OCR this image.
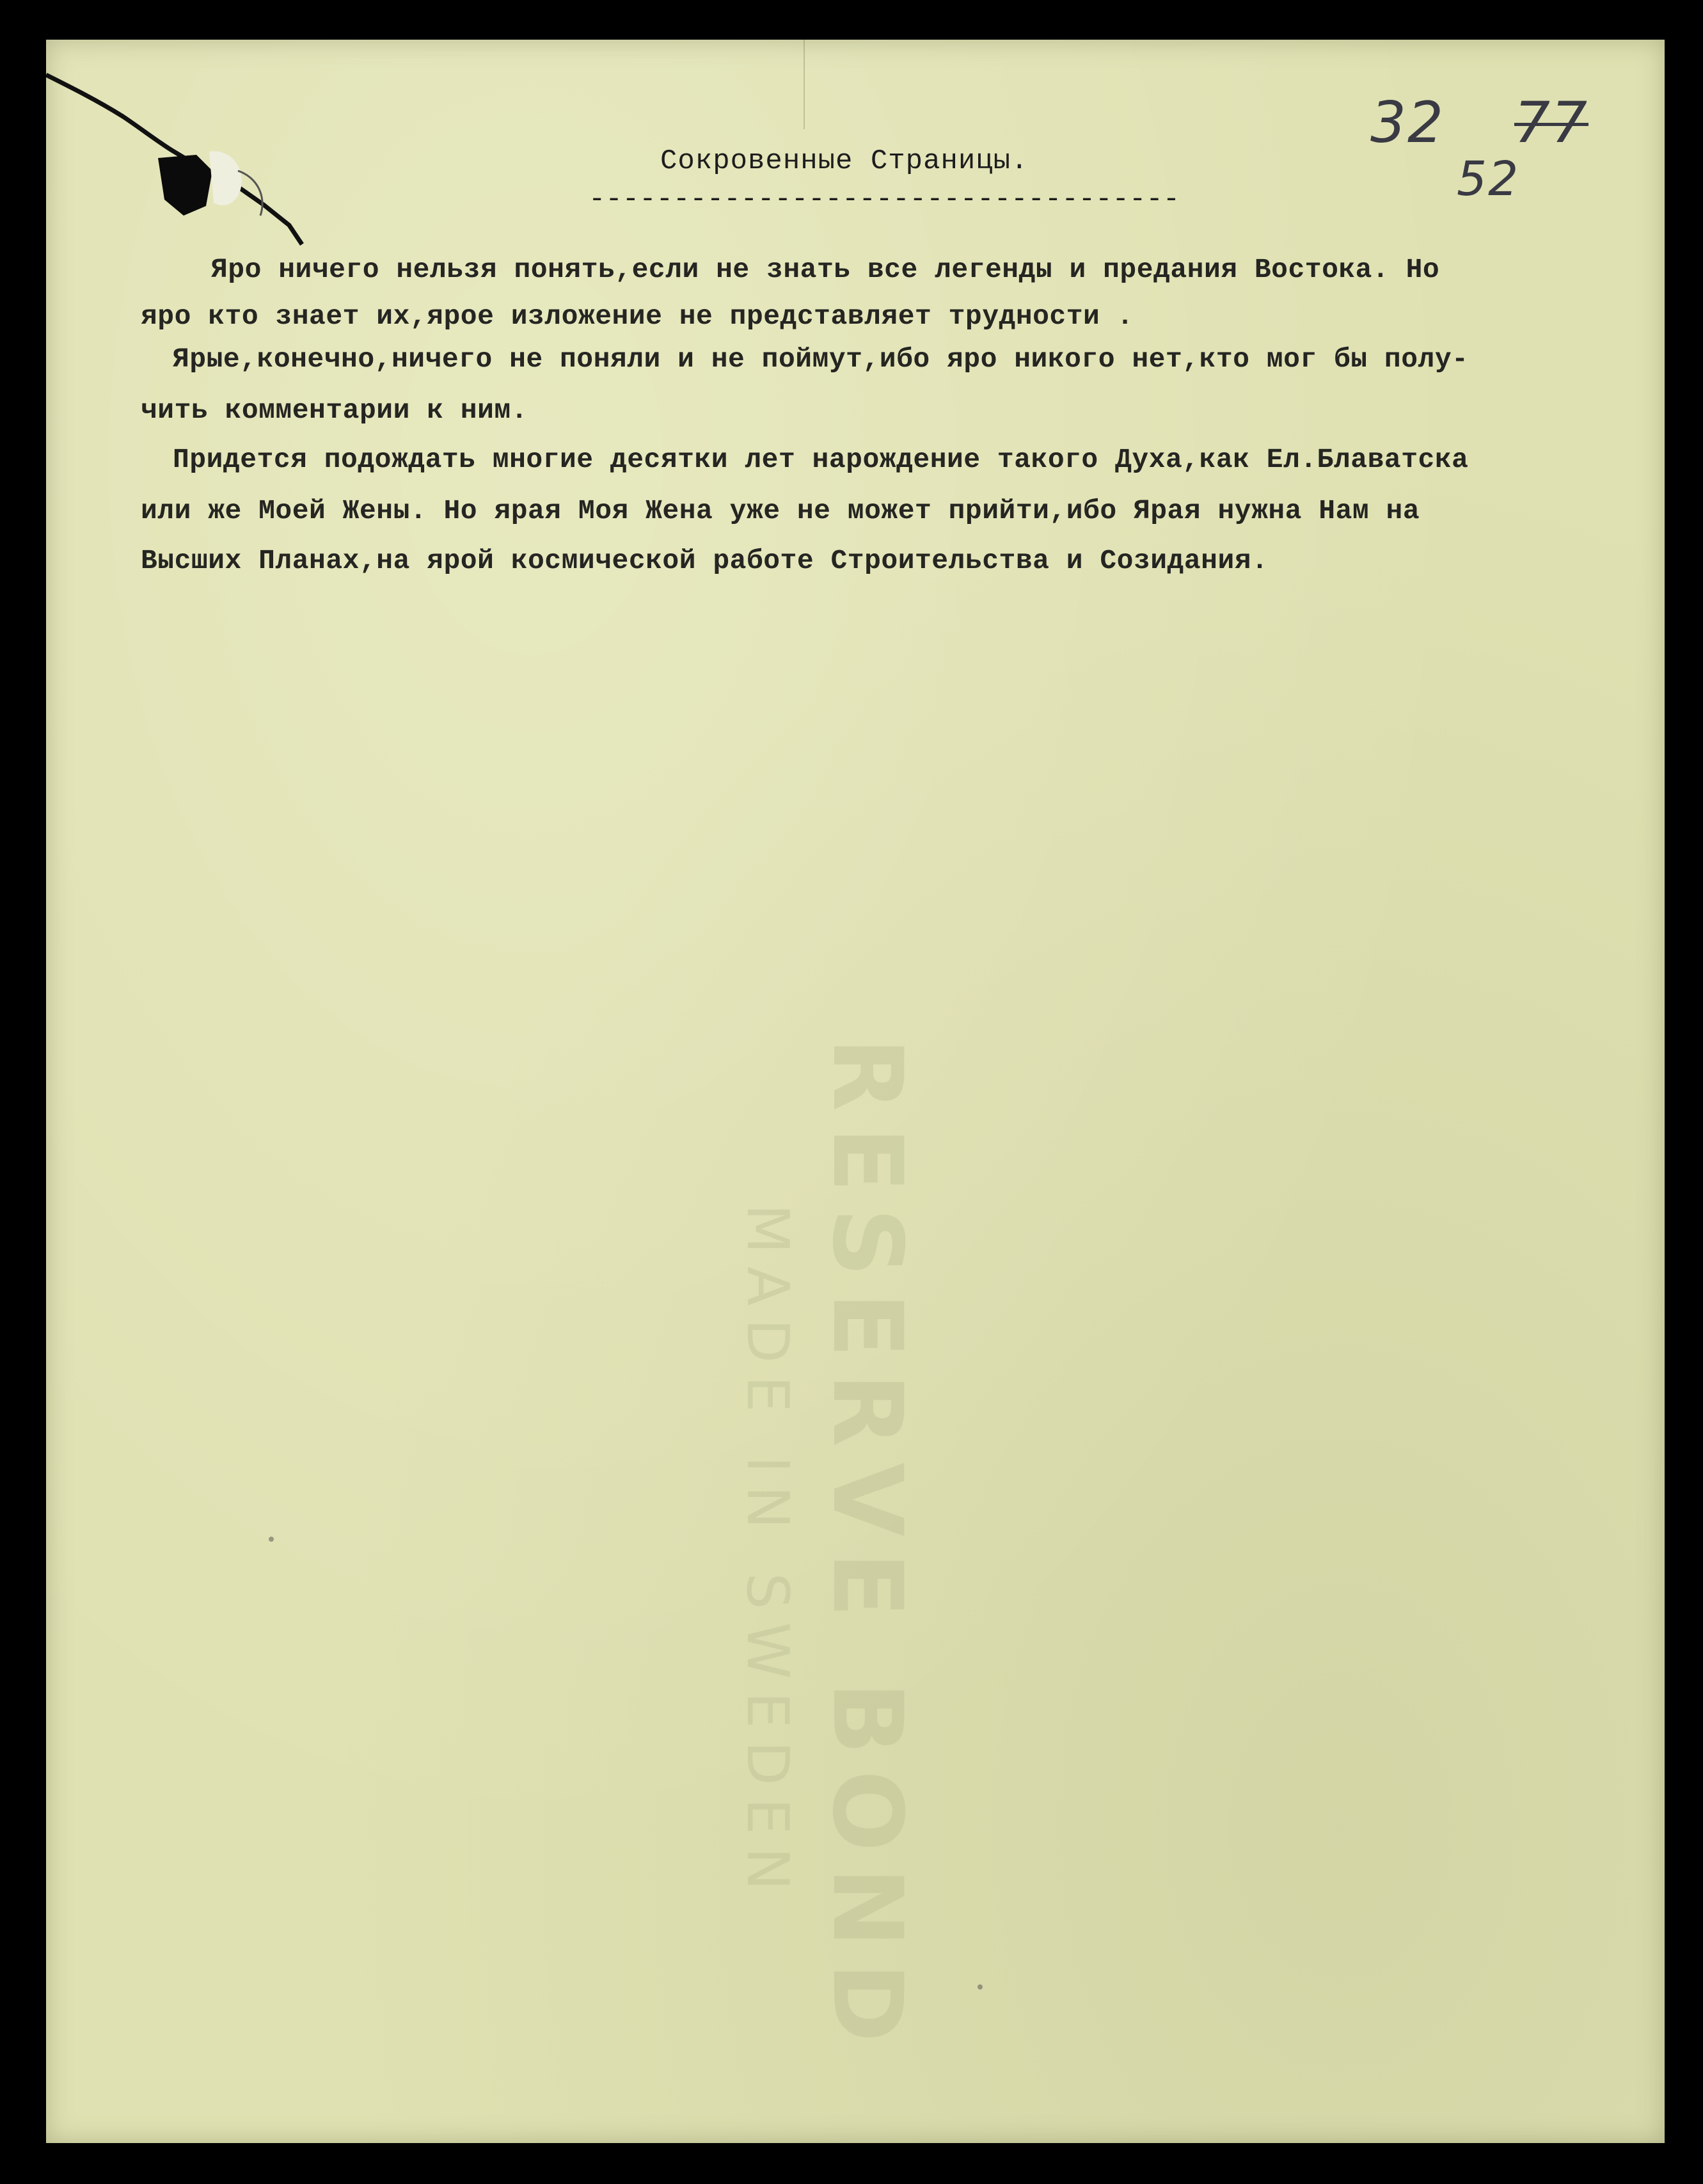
32 77
52
Сокровенные Страницы.
-----------------------------------
Яро ничего нельзя понять,если не знать все легенды и предания Востока. Но
яро кто знает их,ярое изложение не представляет трудности .
Ярые,конечно,ничего не поняли и не поймут,ибо яро никого нет,кто мог бы полу-
чить комментарии к ним.
Придется подождать многие десятки лет нарождение такого Духа,как Ел.Блаватска
или же Моей Жены. Но ярая Моя Жена уже не может прийти,ибо Ярая нужна Нам на
Высших Планах,на ярой космической работе Строительства и Созидания.
RESERVE BOND
MADE IN SWEDEN
